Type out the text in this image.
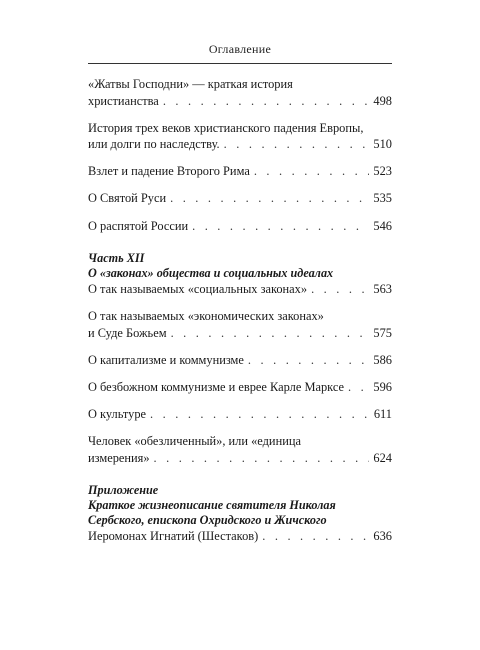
Оглавление
«Жатвы Господни» — краткая история
христианства . . .	498
История трех веков христианского падения Европы,
или долги по наследству. . . .	510
Взлет и падение Второго Рима . . .	523
О Святой Руси . . .	535
О распятой России . . .	546
Часть XII
О «законах» общества и социальных идеалах
О так называемых «социальных законах» . . .	563
О так называемых «экономических законах»
и Суде Божьем . . .	575
О капитализме и коммунизме . . .	586
О безбожном коммунизме и еврее Карле Марксе . . . 596
О культуре . . .	611
Человек «обезличенный», или «единица
измерения» . . .	624
Приложение
Краткое жизнеописание святителя Николая
Сербского, епископа Охридского и Жичского
Иеромонах Игнатий (Шестаков) . . .	636
